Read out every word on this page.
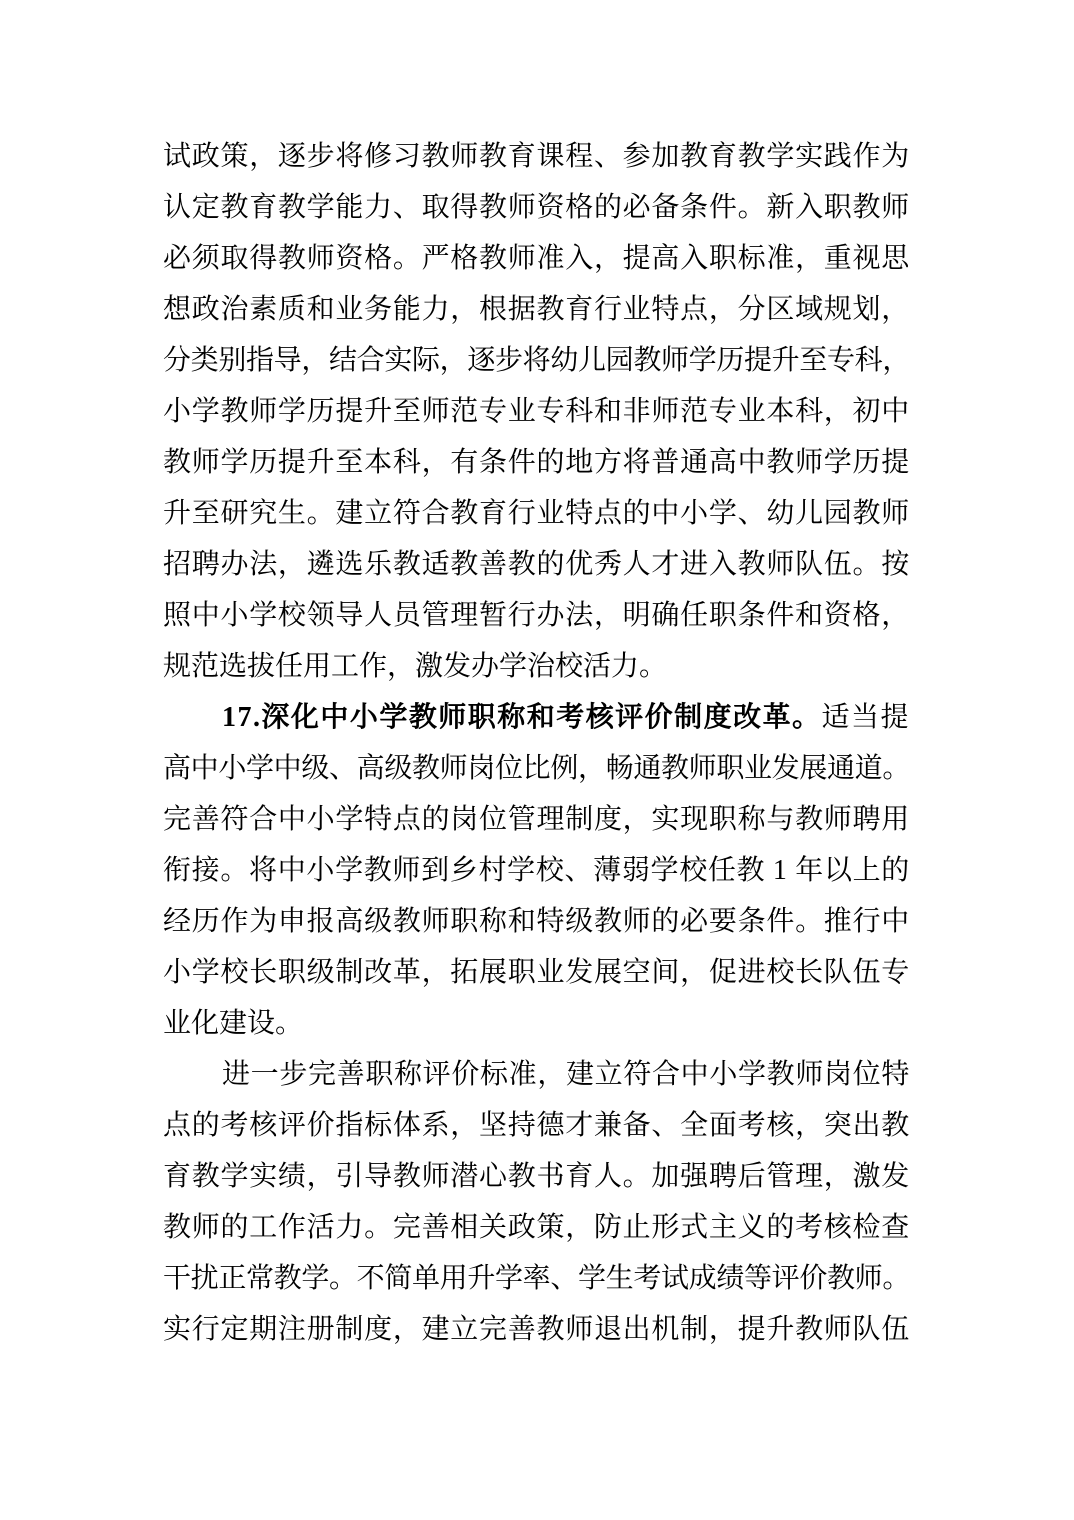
试政策，逐步将修习教师教育课程、参加教育教学实践作为
认定教育教学能力、取得教师资格的必备条件。新入职教师
必须取得教师资格。严格教师准入，提高入职标准，重视思
想政治素质和业务能力，根据教育行业特点，分区域规划，
分类别指导，结合实际，逐步将幼儿园教师学历提升至专科，
小学教师学历提升至师范专业专科和非师范专业本科，初中
教师学历提升至本科，有条件的地方将普通高中教师学历提
升至研究生。建立符合教育行业特点的中小学、幼儿园教师
招聘办法，遴选乐教适教善教的优秀人才进入教师队伍。按
照中小学校领导人员管理暂行办法，明确任职条件和资格，
规范选拔任用工作，激发办学治校活力。
17.深化中小学教师职称和考核评价制度改革。适当提
高中小学中级、高级教师岗位比例，畅通教师职业发展通道。
完善符合中小学特点的岗位管理制度，实现职称与教师聘用
衔接。将中小学教师到乡村学校、薄弱学校任教 1 年以上的
经历作为申报高级教师职称和特级教师的必要条件。推行中
小学校长职级制改革，拓展职业发展空间，促进校长队伍专
业化建设。
进一步完善职称评价标准，建立符合中小学教师岗位特
点的考核评价指标体系，坚持德才兼备、全面考核，突出教
育教学实绩，引导教师潜心教书育人。加强聘后管理，激发
教师的工作活力。完善相关政策，防止形式主义的考核检查
干扰正常教学。不简单用升学率、学生考试成绩等评价教师。
实行定期注册制度，建立完善教师退出机制，提升教师队伍
